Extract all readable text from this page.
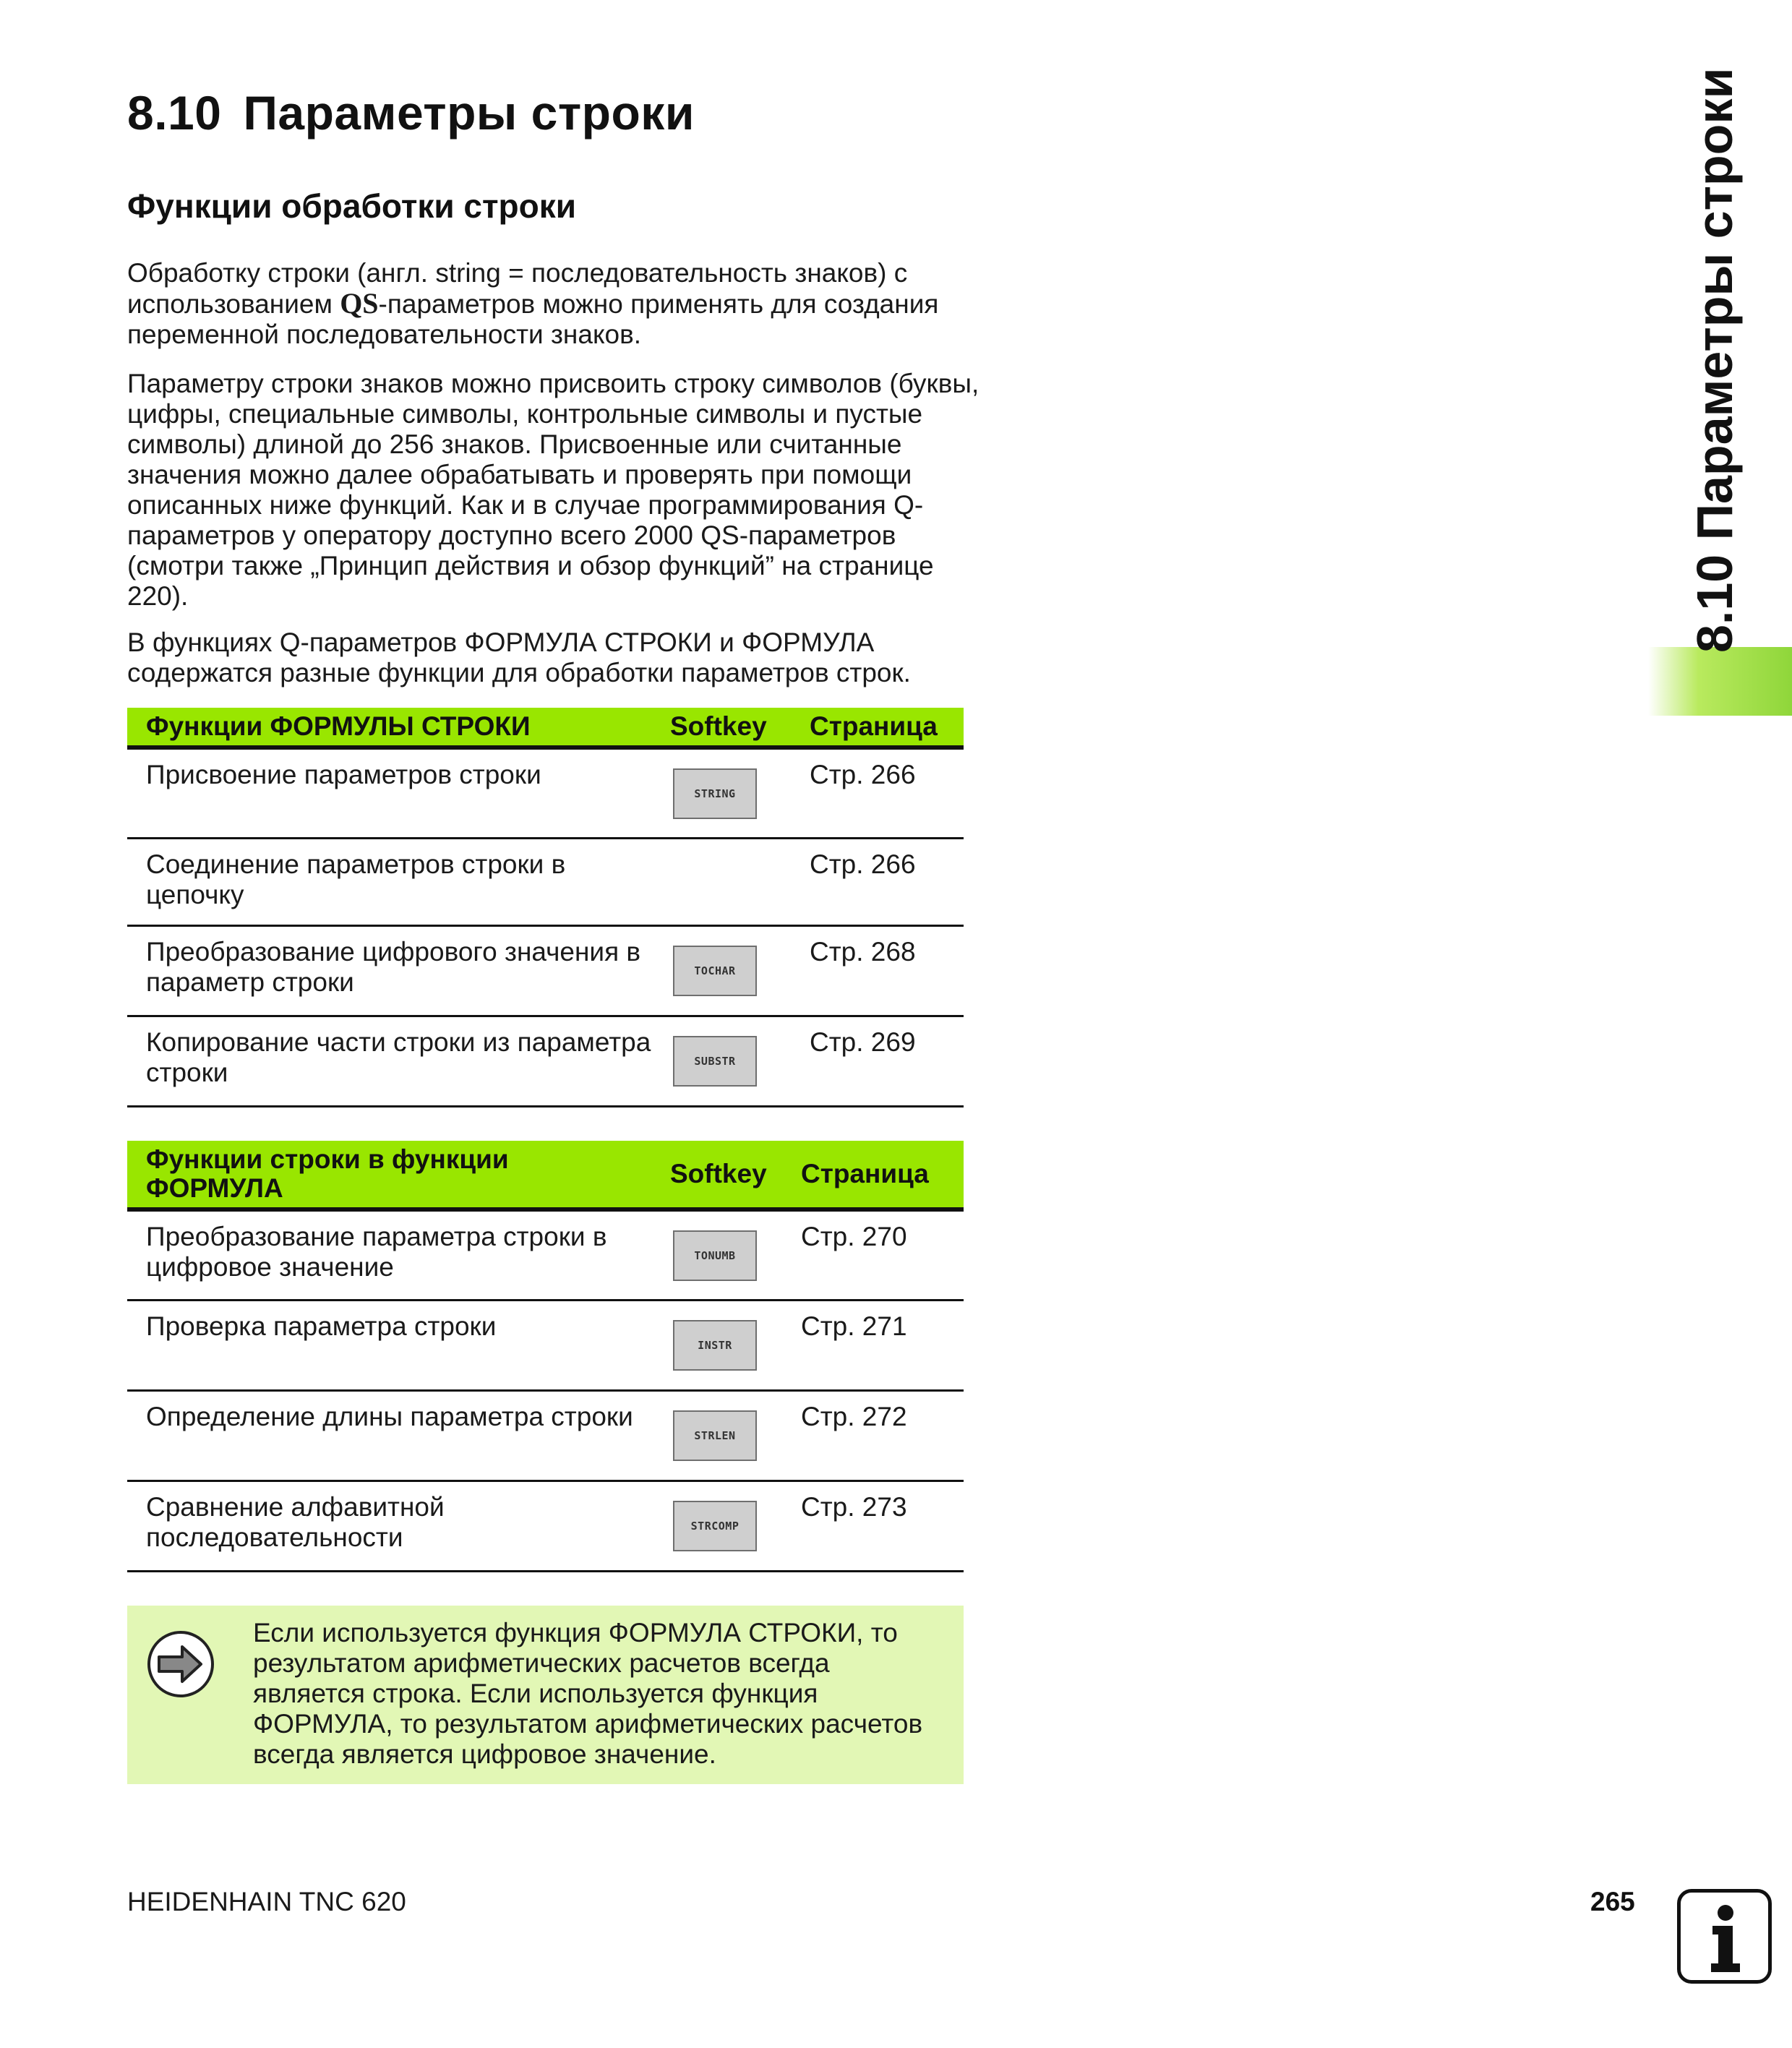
8.10 Параметры строки
Функции обработки строки

Обработку строки (англ. string = последовательность знаков) с использованием QS-параметров можно применять для создания переменной последовательности знаков.

Параметру строки знаков можно присвоить строку символов (буквы, цифры, специальные символы, контрольные символы и пустые символы) длиной до 256 знаков. Присвоенные или считанные значения можно далее обрабатывать и проверять при помощи описанных ниже функций. Как и в случае программирования Q-параметров у оператору доступно всего 2000 QS-параметров (смотри также „Принцип действия и обзор функций” на странице 220).

В функциях Q-параметров ФОРМУЛА СТРОКИ и ФОРМУЛА содержатся разные функции для обработки параметров строк.

Функции ФОРМУЛЫ СТРОКИ	Softkey	Страница
Присвоение параметров строки	STRING	Стр. 266
Соединение параметров строки в цепочку		Стр. 266
Преобразование цифрового значения в параметр строки	TOCHAR	Стр. 268
Копирование части строки из параметра строки	SUBSTR	Стр. 269
Функции строки в функции ФОРМУЛА	Softkey	Страница
Преобразование параметра строки в цифровое значение	TONUMB	Стр. 270
Проверка параметра строки	INSTR	Стр. 271
Определение длины параметра строки	STRLEN	Стр. 272
Сравнение алфавитной последовательности	STRCOMP	Стр. 273

Если используется функция ФОРМУЛА СТРОКИ, то результатом арифметических расчетов всегда является строка. Если используется функция ФОРМУЛА, то результатом арифметических расчетов всегда является цифровое значение.

8.10 Параметры строки
HEIDENHAIN TNC 620	265
